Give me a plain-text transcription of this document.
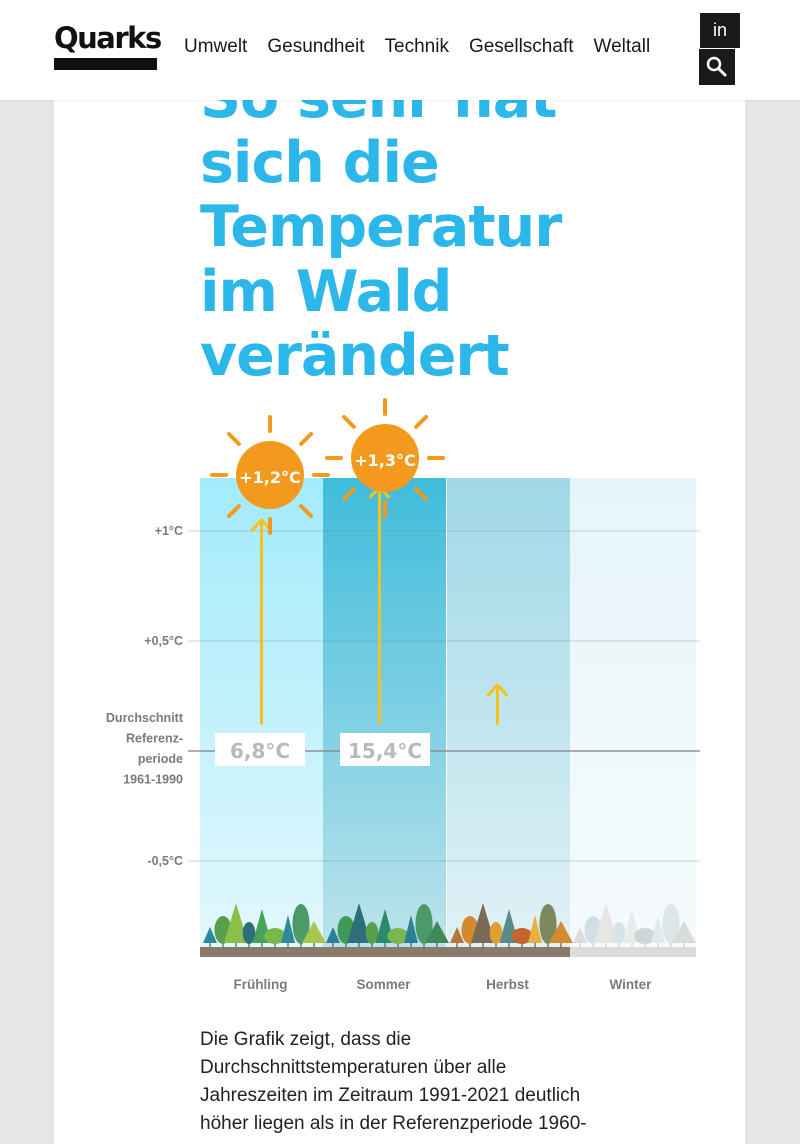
Quarks Umwelt Gesundheit Technik Gesellschaft Weltall
in
sich die
Temperatur
im Wald
verändert
+1°C
+0,5°C
-0,5°C
Durchschnitt
Referenz-
periode
1961-1990
+1,2°C
+1,3°C
6,8°C	15,4°C
Frühling	Sommer	Herbst	Winter
Die Grafik zeigt, dass die
Durchschnittstemperaturen über alle
Jahreszeiten im Zeitraum 1991-2021 deutlich
höher liegen als in der Referenzperiode 1960-
